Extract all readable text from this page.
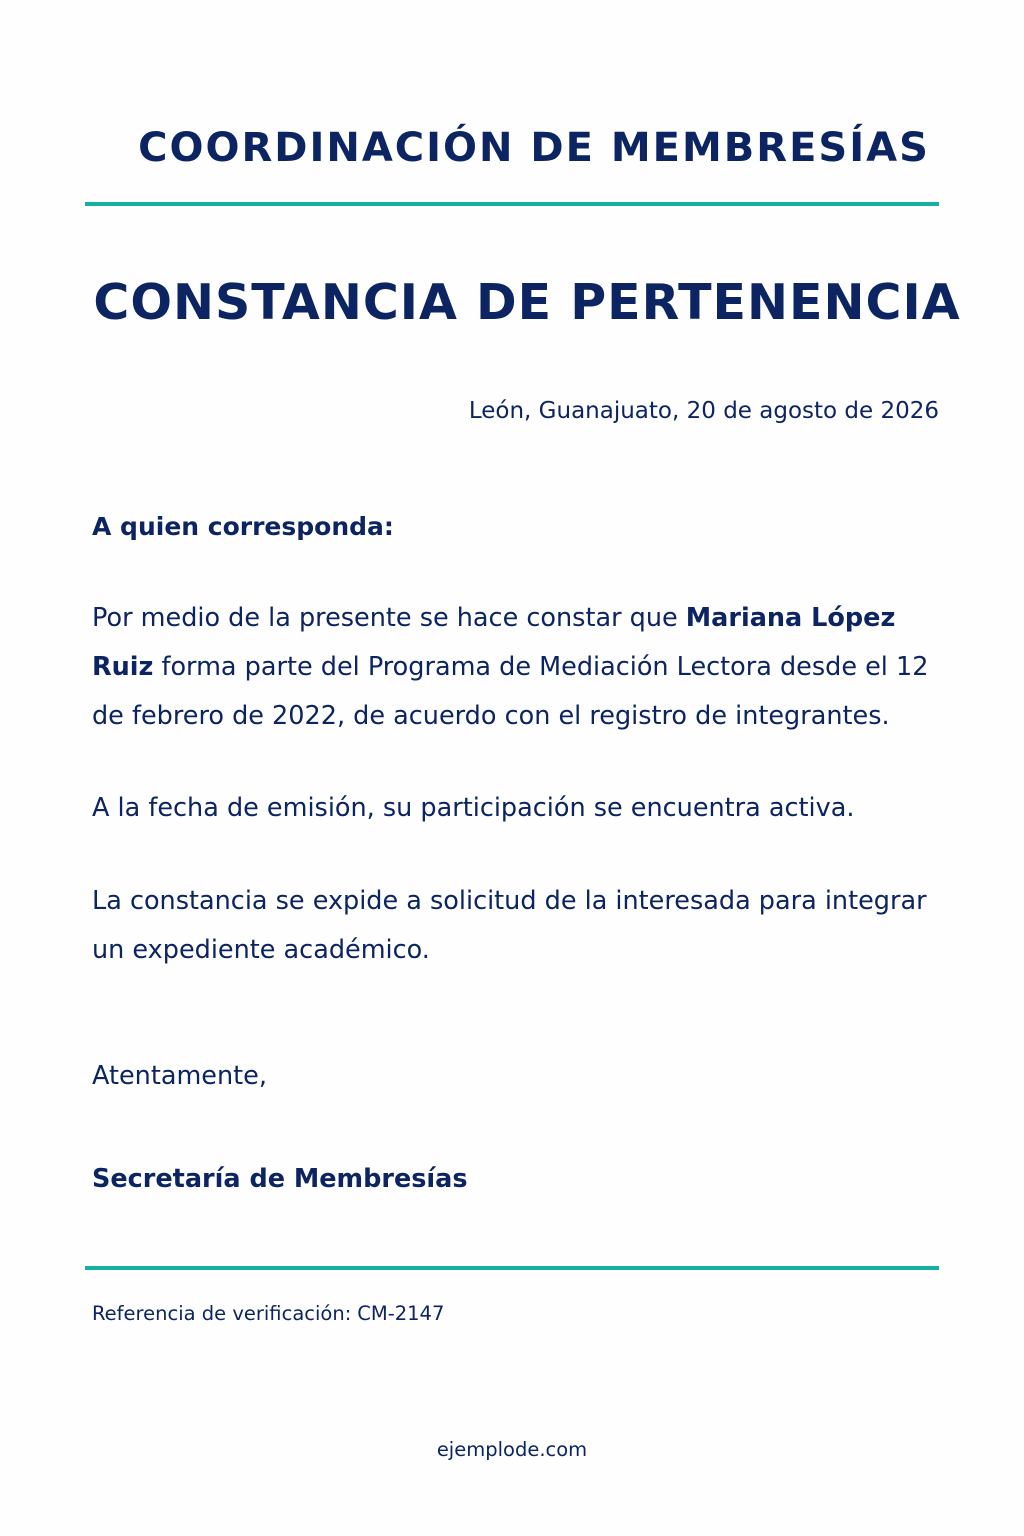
COORDINACIÓN DE MEMBRESÍAS
CONSTANCIA DE PERTENENCIA
León, Guanajuato, 20 de agosto de 2026
A quien corresponda:

Por medio de la presente se hace constar que Mariana López Ruiz forma parte del Programa de Mediación Lectora desde el 12 de febrero de 2022, de acuerdo con el registro de integrantes.

A la fecha de emisión, su participación se encuentra activa.

La constancia se expide a solicitud de la interesada para integrar un expediente académico.

Atentamente,
Secretaría de Membresías
Referencia de verificación: CM-2147
ejemplode.com
